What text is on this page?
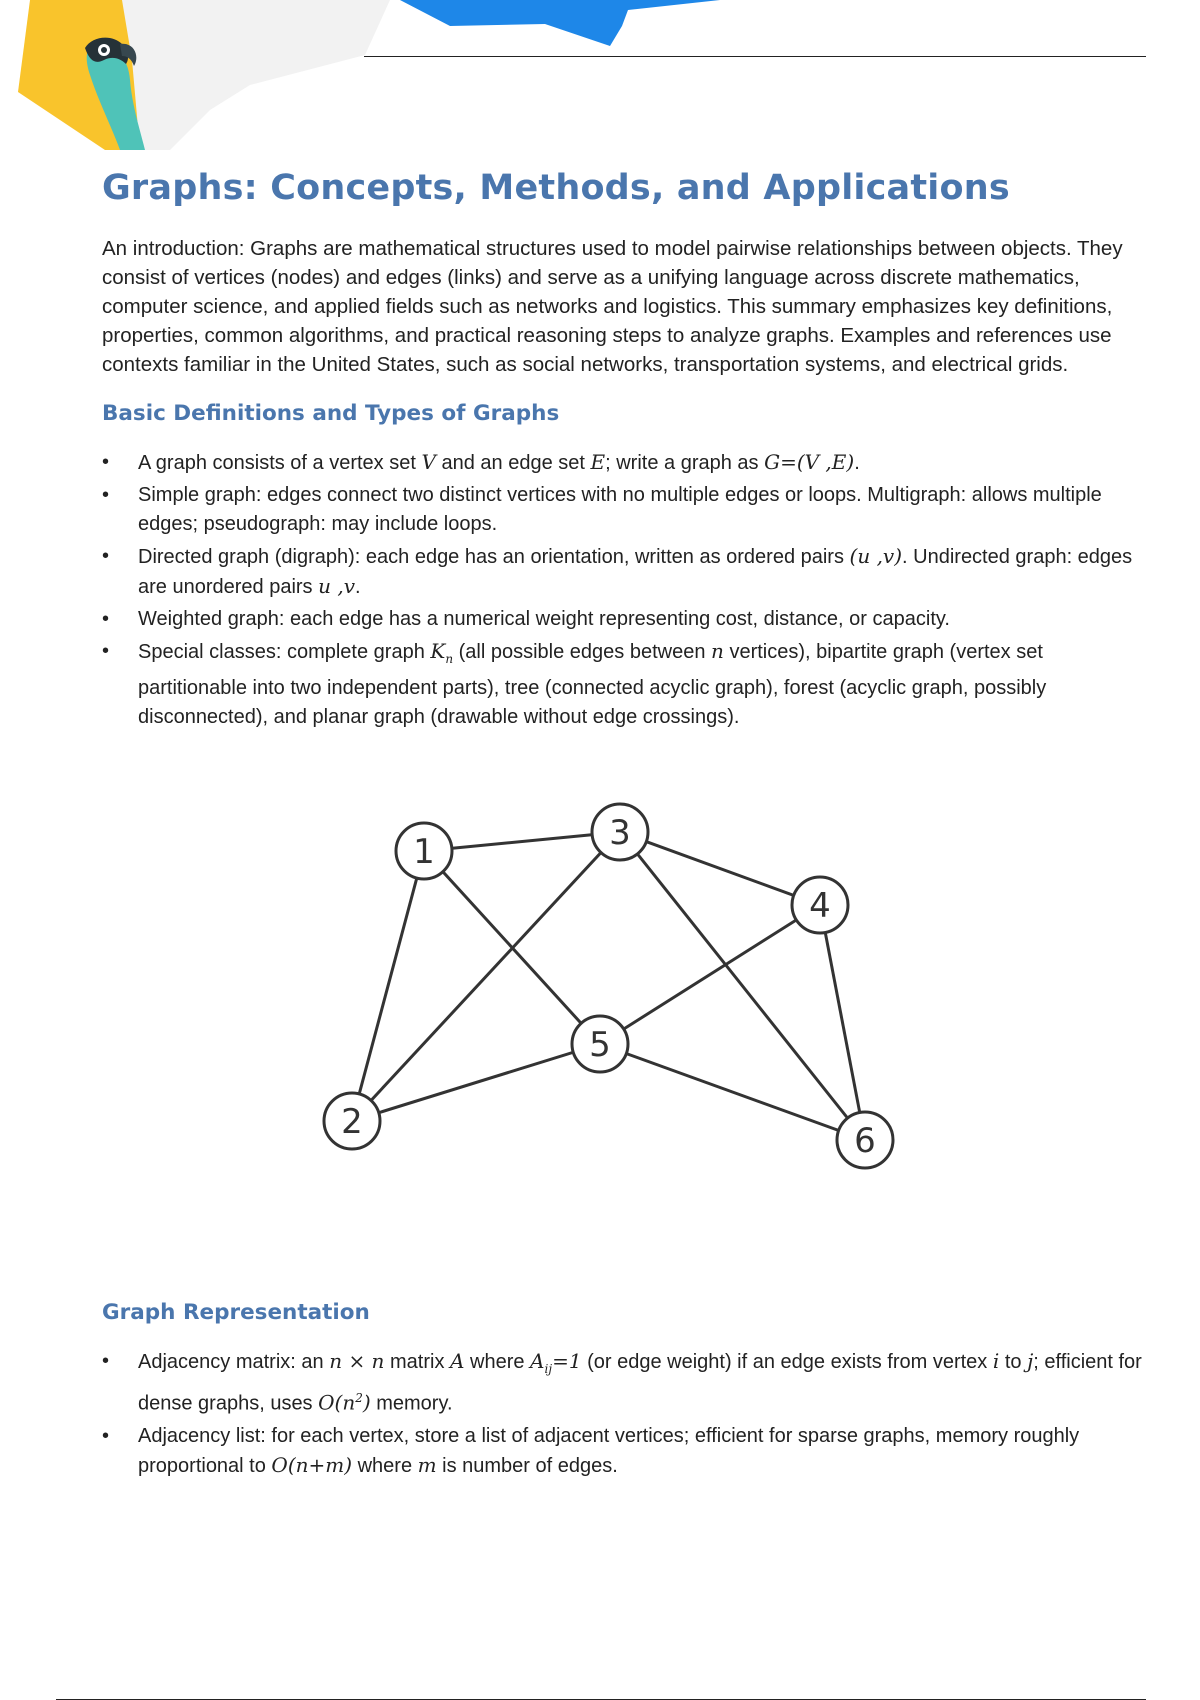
Graphs: Concepts, Methods, and Applications

An introduction: Graphs are mathematical structures used to model pairwise relationships between objects. They consist of vertices (nodes) and edges (links) and serve as a unifying language across discrete mathematics, computer science, and applied fields such as networks and logistics. This summary emphasizes key definitions, properties, common algorithms, and practical reasoning steps to analyze graphs. Examples and references use contexts familiar in the United States, such as social networks, transportation systems, and electrical grids.

Basic Definitions and Types of Graphs
• A graph consists of a vertex set V and an edge set E; write a graph as G=(V ,E).
• Simple graph: edges connect two distinct vertices with no multiple edges or loops. Multigraph: allows multiple edges; pseudograph: may include loops.
• Directed graph (digraph): each edge has an orientation, written as ordered pairs (u ,v). Undirected graph: edges are unordered pairs u ,v.
• Weighted graph: each edge has a numerical weight representing cost, distance, or capacity.
• Special classes: complete graph $K_n$ (all possible edges between n vertices), bipartite graph (vertex set partitionable into two independent parts), tree (connected acyclic graph), forest (acyclic graph, possibly disconnected), and planar graph (drawable without edge crossings).
1
2
3
4
5
6
Graph Representation
• Adjacency matrix: an n × n matrix A where $A_{ij}=1$ (or edge weight) if an edge exists from vertex i to j; efficient for dense graphs, uses $O(n^2)$ memory.
• Adjacency list: for each vertex, store a list of adjacent vertices; efficient for sparse graphs, memory roughly proportional to O(n+m) where m is number of edges.
